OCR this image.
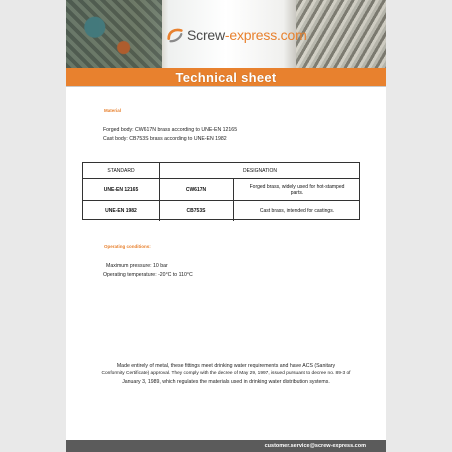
Screw-express.com
Technical sheet
Material
Forged body: CW617N brass according to UNE-EN 12165
Cast body: CB753S brass according to UNE-EN 1982
STANDARD	DESIGNATION
UNE-EN 12165	CW617N	Forged brass, widely used for hot-stamped parts.
UNE-EN 1982	CB753S	Cast brass, intended for castings.
Operating conditions:
Maximum pressure: 10 bar
Operating temperature: -20°C to 110°C
Made entirely of metal, these fittings meet drinking water requirements and have ACS (Sanitary
Conformity Certificate) approval. They comply with the decree of May 29, 1997, issued pursuant to decree no. 89-3 of
January 3, 1989, which regulates the materials used in drinking water distribution systems.
customer.service@screw-express.com
